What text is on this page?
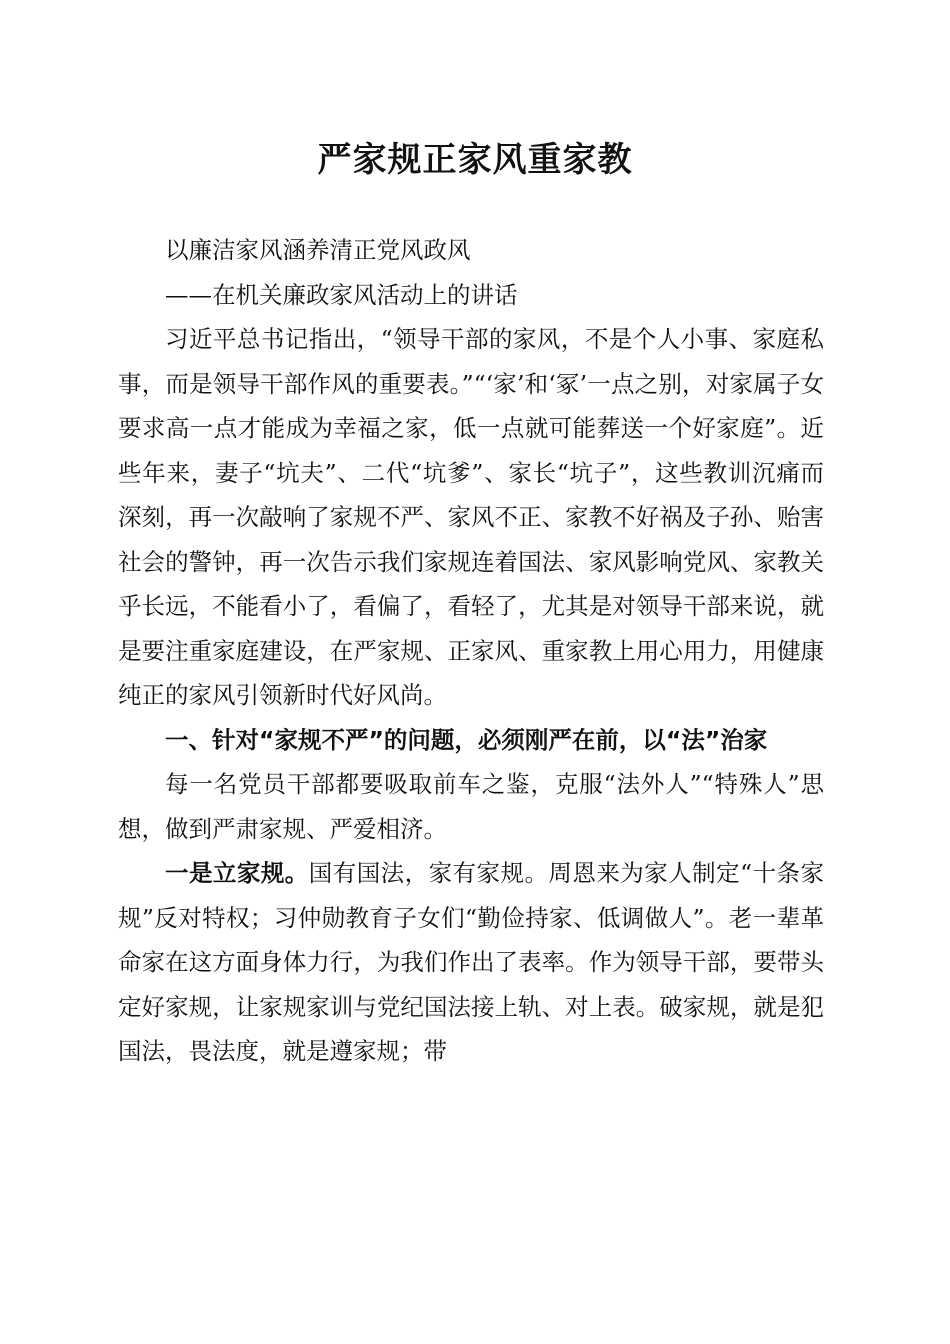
严家规正家风重家教

以廉洁家风涵养清正党风政风

——在机关廉政家风活动上的讲话

习近平总书记指出，“领导干部的家风，不是个人小事、家庭私事，而是领导干部作风的重要表。”“‘家’和‘冢’一点之别，对家属子女要求高一点才能成为幸福之家，低一点就可能葬送一个好家庭”。近些年来，妻子“坑夫”、二代“坑爹”、家长“坑子”，这些教训沉痛而深刻，再一次敲响了家规不严、家风不正、家教不好祸及子孙、贻害社会的警钟，再一次告示我们家规连着国法、家风影响党风、家教关乎长远，不能看小了，看偏了，看轻了，尤其是对领导干部来说，就是要注重家庭建设，在严家规、正家风、重家教上用心用力，用健康纯正的家风引领新时代好风尚。

一、针对“家规不严”的问题，必须刚严在前，以“法”治家

每一名党员干部都要吸取前车之鉴，克服“法外人”“特殊人”思想，做到严肃家规、严爱相济。

一是立家规。国有国法，家有家规。周恩来为家人制定“十条家规”反对特权；习仲勋教育子女们“勤俭持家、低调做人”。老一辈革命家在这方面身体力行，为我们作出了表率。作为领导干部，要带头定好家规，让家规家训与党纪国法接上轨、对上表。破家规，就是犯国法，畏法度，就是遵家规；带
